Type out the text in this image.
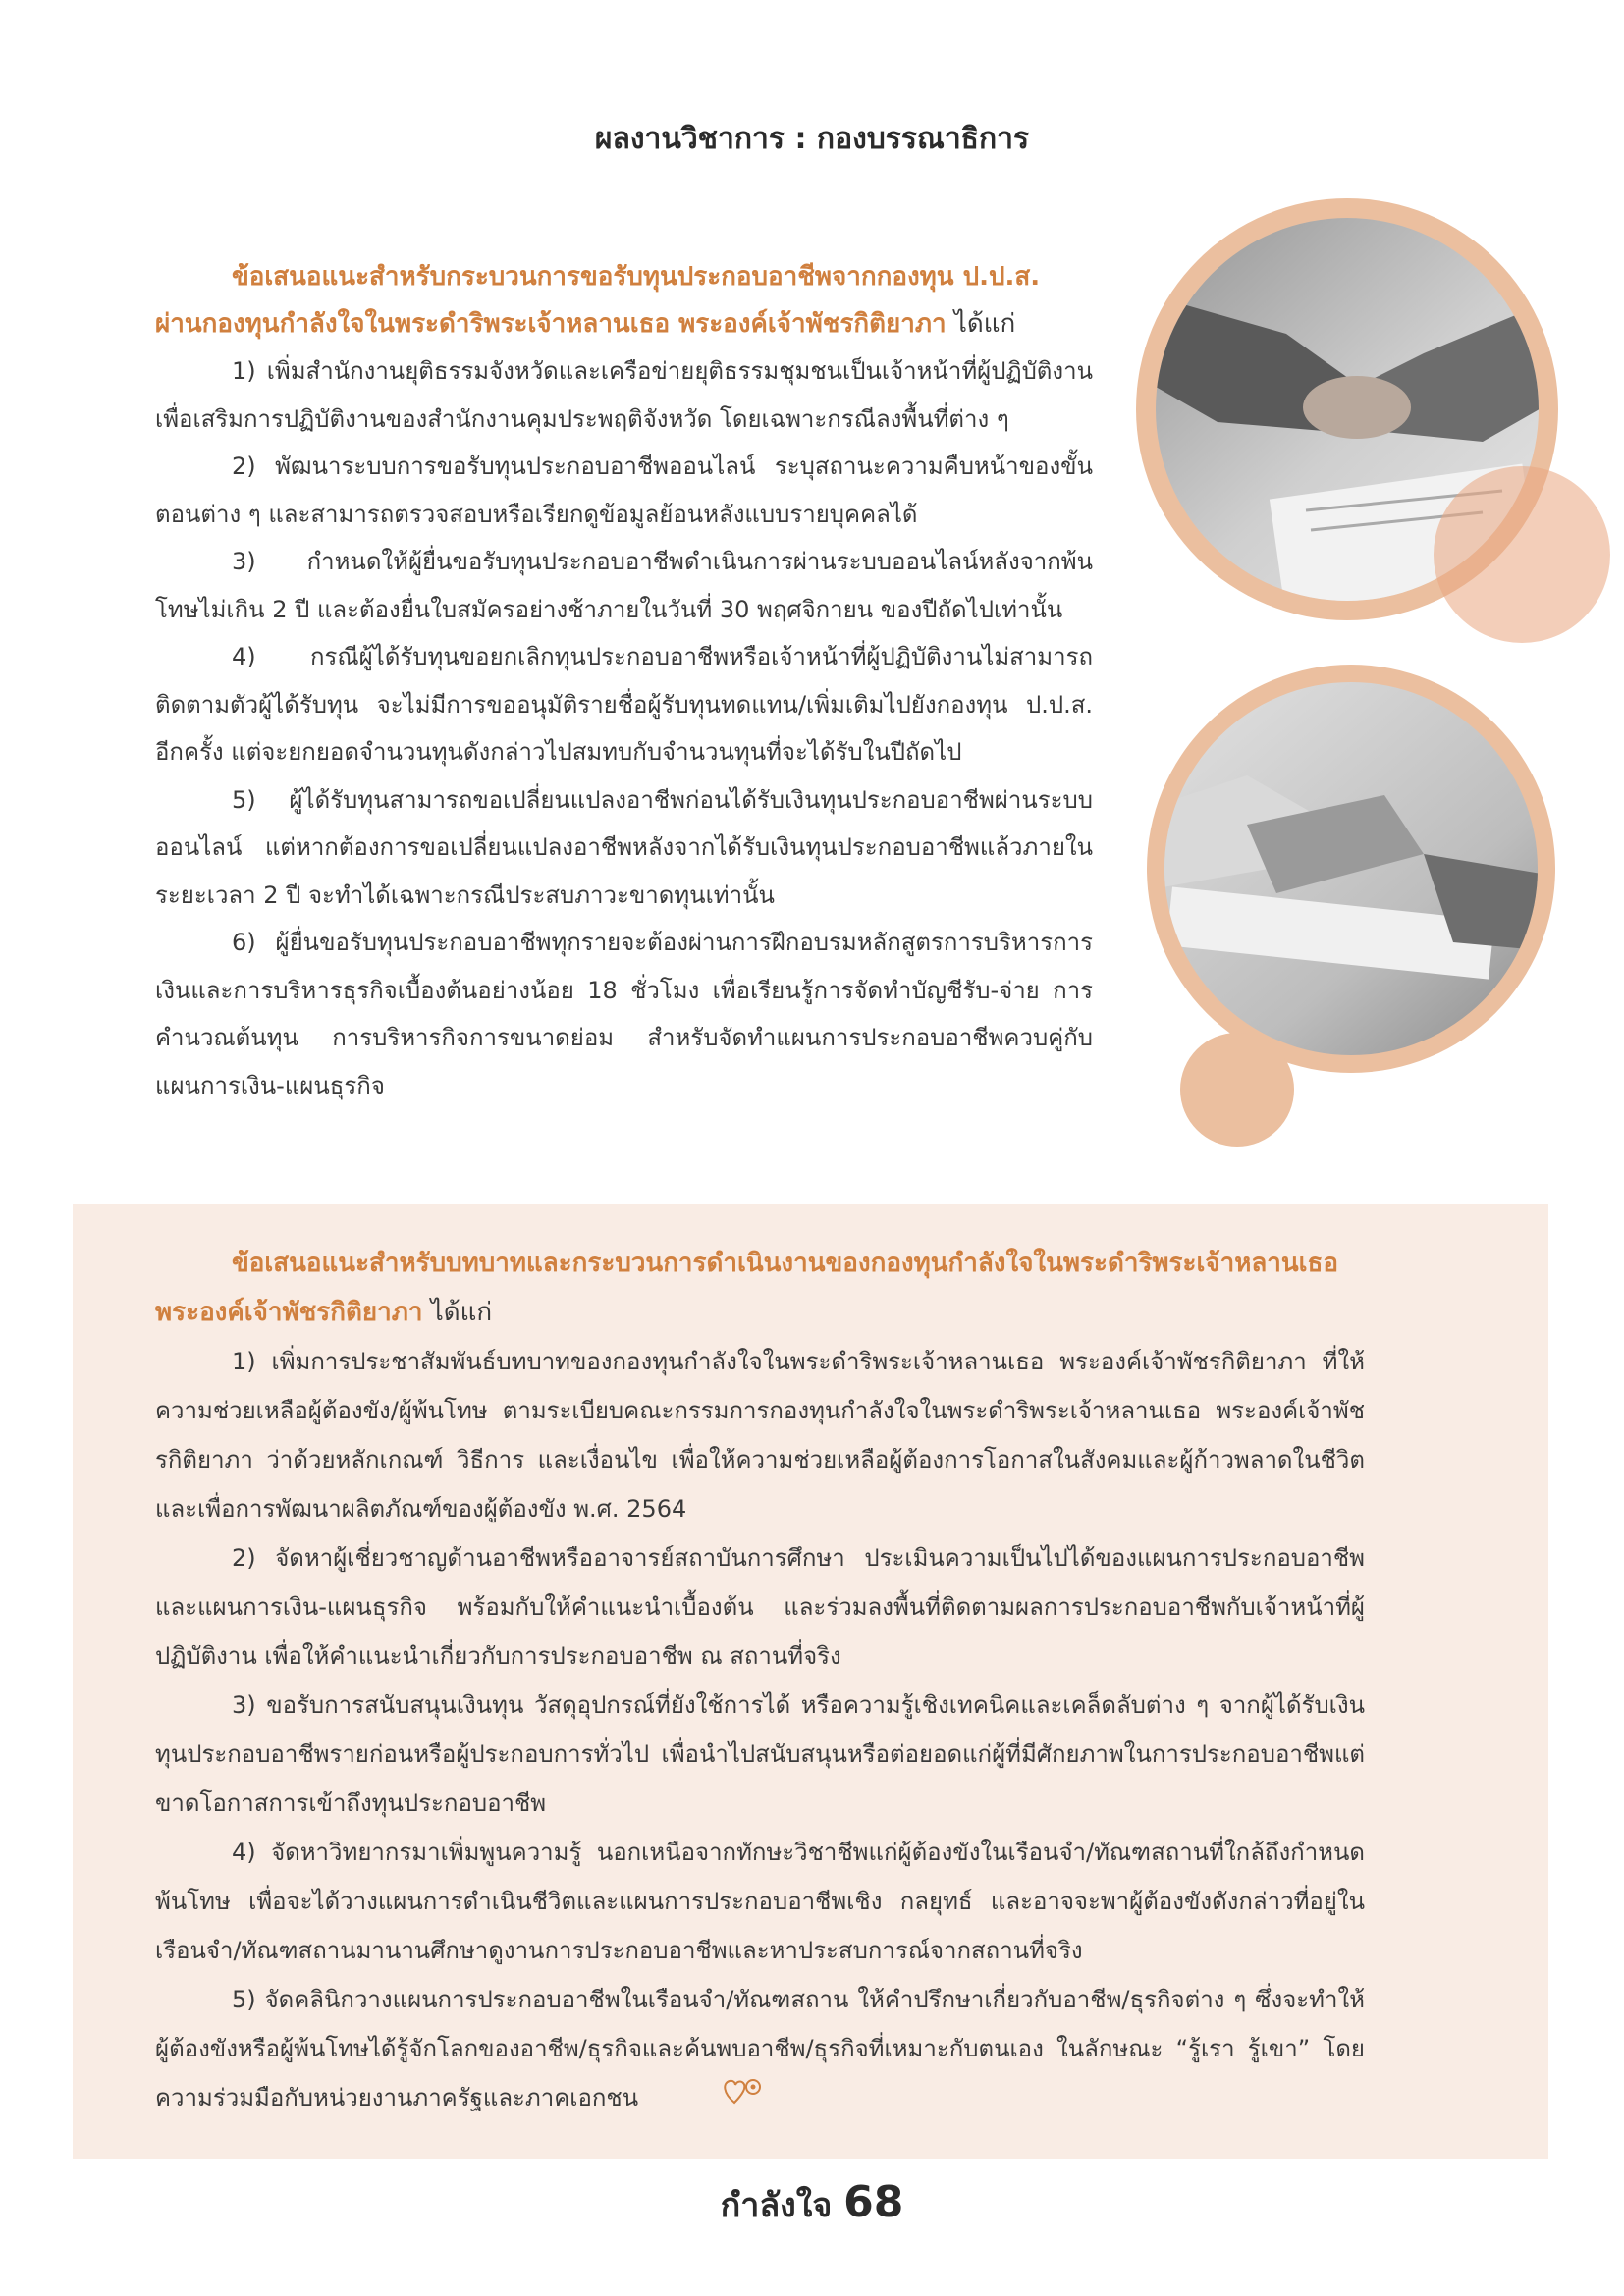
ผลงานวิชาการ : กองบรรณาธิการ

ข้อเสนอแนะสำหรับกระบวนการขอรับทุนประกอบอาชีพจากกองทุน ป.ป.ส. ผ่านกองทุนกำลังใจในพระดำริพระเจ้าหลานเธอ พระองค์เจ้าพัชรกิติยาภา ได้แก่

1) เพิ่มสำนักงานยุติธรรมจังหวัดและเครือข่ายยุติธรรมชุมชนเป็นเจ้าหน้าที่ผู้ปฏิบัติงานเพื่อเสริมการปฏิบัติงานของสำนักงานคุมประพฤติจังหวัด โดยเฉพาะกรณีลงพื้นที่ต่าง ๆ

2) พัฒนาระบบการขอรับทุนประกอบอาชีพออนไลน์ ระบุสถานะความคืบหน้าของขั้นตอนต่าง ๆ และสามารถตรวจสอบหรือเรียกดูข้อมูลย้อนหลังแบบรายบุคคลได้

3) กำหนดให้ผู้ยื่นขอรับทุนประกอบอาชีพดำเนินการผ่านระบบออนไลน์หลังจากพ้นโทษไม่เกิน 2 ปี และต้องยื่นใบสมัครอย่างช้าภายในวันที่ 30 พฤศจิกายน ของปีถัดไปเท่านั้น

4) กรณีผู้ได้รับทุนขอยกเลิกทุนประกอบอาชีพหรือเจ้าหน้าที่ผู้ปฏิบัติงานไม่สามารถติดตามตัวผู้ได้รับทุน จะไม่มีการขออนุมัติรายชื่อผู้รับทุนทดแทน/เพิ่มเติมไปยังกองทุน ป.ป.ส. อีกครั้ง แต่จะยกยอดจำนวนทุนดังกล่าวไปสมทบกับจำนวนทุนที่จะได้รับในปีถัดไป

5) ผู้ได้รับทุนสามารถขอเปลี่ยนแปลงอาชีพก่อนได้รับเงินทุนประกอบอาชีพผ่านระบบออนไลน์ แต่หากต้องการขอเปลี่ยนแปลงอาชีพหลังจากได้รับเงินทุนประกอบอาชีพแล้วภายในระยะเวลา 2 ปี จะทำได้เฉพาะกรณีประสบภาวะขาดทุนเท่านั้น

6) ผู้ยื่นขอรับทุนประกอบอาชีพทุกรายจะต้องผ่านการฝึกอบรมหลักสูตรการบริหารการเงินและการบริหารธุรกิจเบื้องต้นอย่างน้อย 18 ชั่วโมง เพื่อเรียนรู้การจัดทำบัญชีรับ-จ่าย การคำนวณต้นทุน การบริหารกิจการขนาดย่อม สำหรับจัดทำแผนการประกอบอาชีพควบคู่กับแผนการเงิน-แผนธุรกิจ

ข้อเสนอแนะสำหรับบทบาทและกระบวนการดำเนินงานของกองทุนกำลังใจในพระดำริพระเจ้าหลานเธอ พระองค์เจ้าพัชรกิติยาภา ได้แก่

1) เพิ่มการประชาสัมพันธ์บทบาทของกองทุนกำลังใจในพระดำริพระเจ้าหลานเธอ พระองค์เจ้าพัชรกิติยาภา ที่ให้ความช่วยเหลือผู้ต้องขัง/ผู้พ้นโทษ ตามระเบียบคณะกรรมการกองทุนกำลังใจในพระดำริพระเจ้าหลานเธอ พระองค์เจ้าพัชรกิติยาภา ว่าด้วยหลักเกณฑ์ วิธีการ และเงื่อนไข เพื่อให้ความช่วยเหลือผู้ต้องการโอกาสในสังคมและผู้ก้าวพลาดในชีวิต และเพื่อการพัฒนาผลิตภัณฑ์ของผู้ต้องขัง พ.ศ. 2564

2) จัดหาผู้เชี่ยวชาญด้านอาชีพหรืออาจารย์สถาบันการศึกษา ประเมินความเป็นไปได้ของแผนการประกอบอาชีพและแผนการเงิน-แผนธุรกิจ พร้อมกับให้คำแนะนำเบื้องต้น และร่วมลงพื้นที่ติดตามผลการประกอบอาชีพกับเจ้าหน้าที่ผู้ปฏิบัติงาน เพื่อให้คำแนะนำเกี่ยวกับการประกอบอาชีพ ณ สถานที่จริง

3) ขอรับการสนับสนุนเงินทุน วัสดุอุปกรณ์ที่ยังใช้การได้ หรือความรู้เชิงเทคนิคและเคล็ดลับต่าง ๆ จากผู้ได้รับเงินทุนประกอบอาชีพรายก่อนหรือผู้ประกอบการทั่วไป เพื่อนำไปสนับสนุนหรือต่อยอดแก่ผู้ที่มีศักยภาพในการประกอบอาชีพแต่ขาดโอกาสการเข้าถึงทุนประกอบอาชีพ

4) จัดหาวิทยากรมาเพิ่มพูนความรู้ นอกเหนือจากทักษะวิชาชีพแก่ผู้ต้องขังในเรือนจำ/ทัณฑสถานที่ใกล้ถึงกำหนดพ้นโทษ เพื่อจะได้วางแผนการดำเนินชีวิตและแผนการประกอบอาชีพเชิง กลยุทธ์ และอาจจะพาผู้ต้องขังดังกล่าวที่อยู่ในเรือนจำ/ทัณฑสถานมานานศึกษาดูงานการประกอบอาชีพและหาประสบการณ์จากสถานที่จริง

5) จัดคลินิกวางแผนการประกอบอาชีพในเรือนจำ/ทัณฑสถาน ให้คำปรึกษาเกี่ยวกับอาชีพ/ธุรกิจต่าง ๆ ซึ่งจะทำให้ผู้ต้องขังหรือผู้พ้นโทษได้รู้จักโลกของอาชีพ/ธุรกิจและค้นพบอาชีพ/ธุรกิจที่เหมาะกับตนเอง ในลักษณะ “รู้เรา รู้เขา” โดยความร่วมมือกับหน่วยงานภาครัฐและภาคเอกชน

กำลังใจ 68
